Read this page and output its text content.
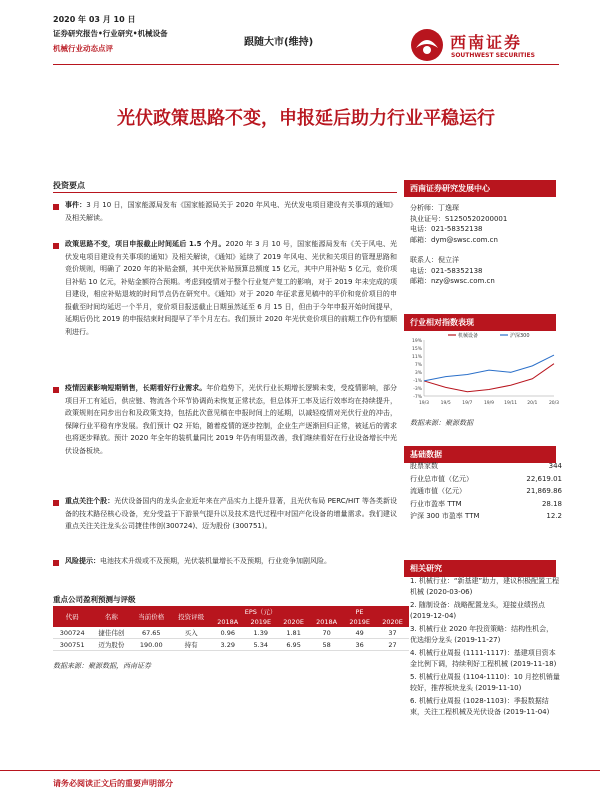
2020 年 03 月 10 日
证券研究报告•行业研究•机械设备
机械行业动态点评
跟随大市(维持)	西南证券
SOUTHWEST SECURITIES
光伏政策思路不变，申报延后助力行业平稳运行
投资要点
事件：3 月 10 日，国家能源局发布《国家能源局关于 2020 年风电、光伏发电项目建设有关事项的通知》及相关解读。
政策思路不变，项目申报截止时间延后 1.5 个月。2020 年 3 月 10 号，国家能源局发布《关于风电、光伏发电项目建设有关事项的通知》及相关解读，《通知》延续了 2019 年风电、光伏和关项目的管理思路和竞价规则，明确了 2020 年的补贴金额，其中光伏补贴预算总额度 15 亿元，其中户用补贴 5 亿元，竞价项目补贴 10 亿元，补贴金额符合预期。考虑到疫情对于整个行业复产复工的影响，对于 2019 年未完成的项目建设，相应补贴退坡的时间节点仍在研究中。《通知》对于 2020 年征求意见稿中的平价和竞价项目的申报截至时间均延迟一个半月，竞价项目报送截止日期虽然延至 6 月 15 日，但由于今年申报开始时间提早，延期后仍比 2019 的申报结束时间提早了半个月左右。我们预计 2020 年光伏竞价项目的前期工作仍有望顺利进行。
疫情因素影响短期销售，长期看好行业需求。年价趋势下，光伏行业长期增长逻辑未变，受疫情影响，部分项目开工有延后，供应链、物流各个环节协调尚未恢复正常状态，但总体开工率及运行效率均在持续提升，政策规则在同步出台和及政策支持，包括此次意见稿在申报时间上的延期，以减轻疫情对光伏行业的冲击，保障行业平稳有序发展。我们预计 Q2 开始，随着疫情的逐步控制，企业生产逐渐回归正常，被延后的需求也将逐步释放。预计 2020 年全年的装机量同比 2019 年仍有明显改善，我们继续看好在行业设备增长中光伏设备板块。
重点关注个股：光伏设备国内的龙头企业近年来在产品实力上提升显著，且光伏布局 PERC/HIT 等各类新设备的技术路径核心设备，充分受益于下游景气提升以及技术迭代过程中对国产化设备的增量需求。我们建议重点关注关注龙头公司捷佳伟创(300724)、迈为股份 (300751)。
风险提示：电池技术升级或不及预期，光伏装机量增长不及预期，行业竞争加剧风险。
重点公司盈利预测与评级
代码	名称	当前价格	投资评级	EPS（元）			PE		
				2018A	2019E	2020E	2018A	2019E	2020E
300724	捷佳伟创	67.65	买入	0.96	1.39	1.81	70	49	37
300751	迈为股份	190.00	持有	3.29	5.34	6.95	58	36	27
数据来源：聚源数据，西南证券
西南证券研究发展中心
分析师：丁逸琛
执业证号：S1250520200001
电话：021-58352138
邮箱：dym@swsc.com.cn
联系人：倪立洋
电话：021-58352138
邮箱：nzy@swsc.com.cn
行业相对指数表现
19%
15%
11%
7%
3%
-1%
-3%
-7%
19/3	19/5	19/7	19/9 19/11 20/1	20/3
机械设备	沪深300
数据来源：聚源数据
基础数据
股票家数	344
行业总市值（亿元）	22,619.01
流通市值（亿元）	21,869.86
行业市盈率 TTM	28.18
沪深 300 市盈率 TTM	12.2
相关研究
1. 机械行业：“新基建”助力，建议积极配置工程机械 (2020-03-06)
2. 随制设备：战略配置龙头，迎接业绩拐点 (2019-12-04)
3. 机械行业 2020 年投资策略：结构性机会，优选细分龙头 (2019-11-27)
4. 机械行业周报 (1111-1117)：基建项目资本金比例下调，持续利好工程机械 (2019-11-18)
5. 机械行业周报 (1104-1110)：10 月挖机销量较好，推荐板块龙头 (2019-11-10)
6. 机械行业周报 (1028-1103)：季报数据结束，关注工程机械及光伏设备 (2019-11-04)
请务必阅读正文后的重要声明部分
